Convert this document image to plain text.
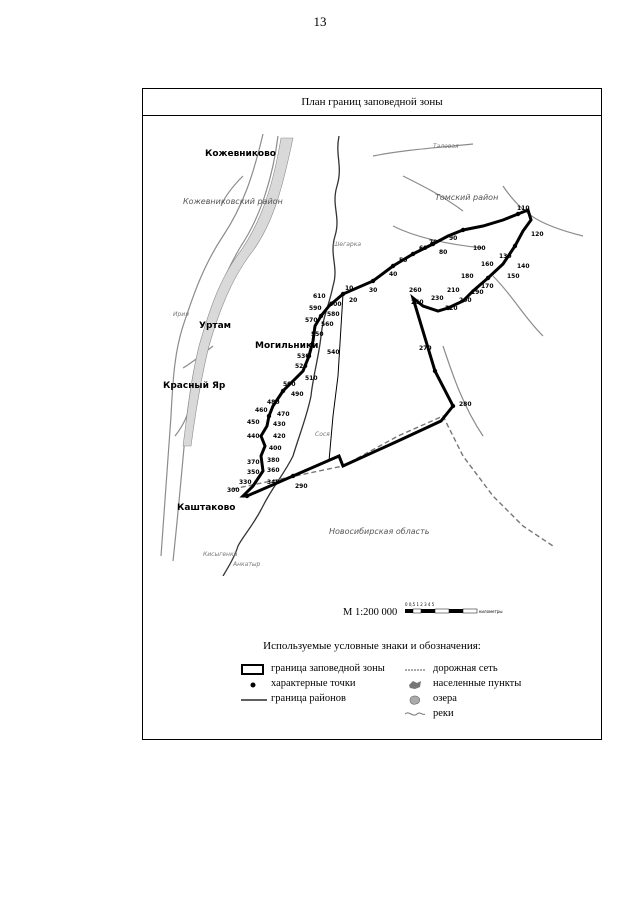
13
План границ заповедной зоны
10
20
30
40
50
60
70
80
90
100
110
120
130
140
150
160
170
180
190
200
210
220
230
250
260
270
280
290
300
330	340
350 360
370 380
400
420
430
440
450
460
470
480
490
500
510
520
530
540
550
560
570
580
590
600
610
Кожевниково
Уртам
Могильники
Красный Яр
Каштаково
Кожевниковский район	Томский район
Новосибирская область
Таловая
Шегарка
Ирия
Сося
Кисыгенка
Анкатыр
М 1:200 000
0 0,5 1 2 3 4 5
километры
Используемые условные знаки и обозначения:
граница заповедной зоны
характерные точки
граница районов
дорожная сеть
населенные пункты
озера
реки
